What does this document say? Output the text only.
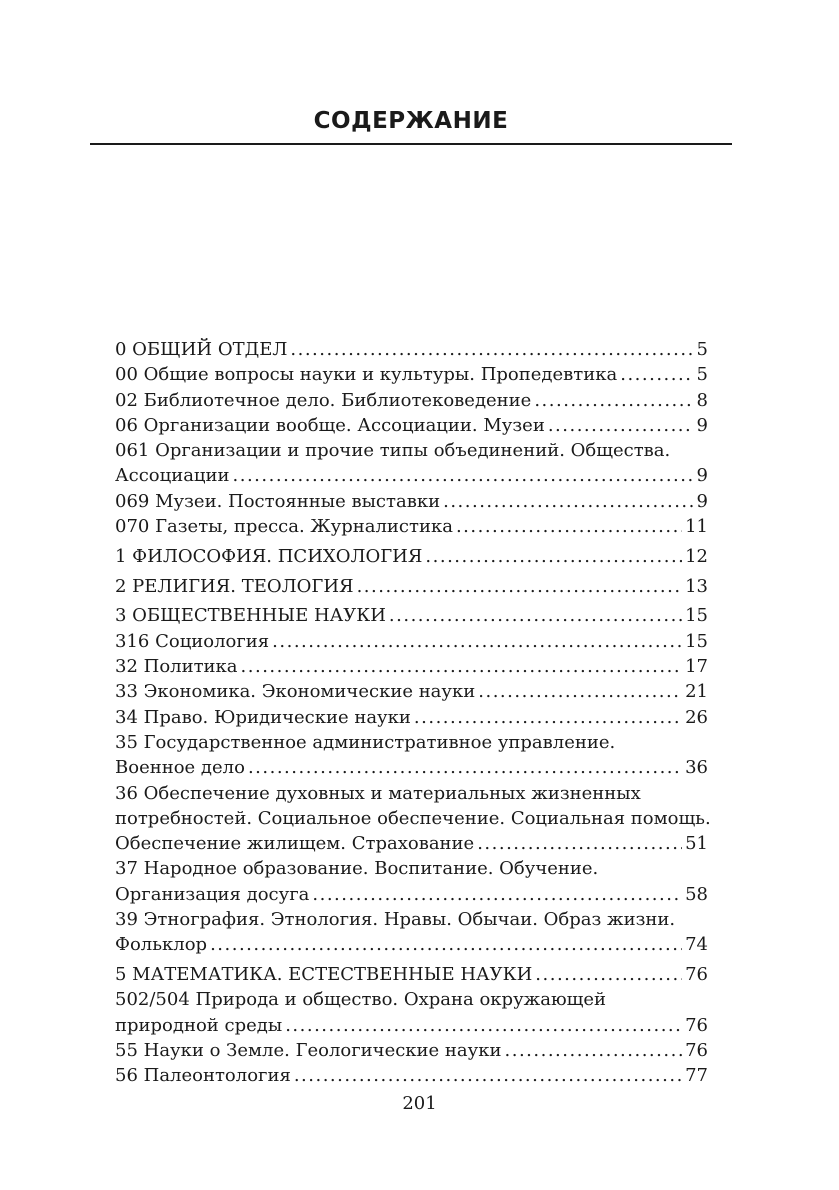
СОДЕРЖАНИЕ
0 ОБЩИЙ ОТДЕЛ .....	5
00 Общие вопросы науки и культуры. Пропедевтика .....	5
02 Библиотечное дело. Библиотековедение .....	8
06 Организации вообще. Ассоциации. Музеи .....	9
061 Организации и прочие типы объединений. Общества.
Ассоциации .....	9
069 Музеи. Постоянные выставки .....	9
070 Газеты, пресса. Журналистика .....	11
1 ФИЛОСОФИЯ. ПСИХОЛОГИЯ .....	12
2 РЕЛИГИЯ. ТЕОЛОГИЯ .....	13
3 ОБЩЕСТВЕННЫЕ НАУКИ .....	15
316 Социология .....	15
32 Политика .....	17
33 Экономика. Экономические науки .....	21
34 Право. Юридические науки .....	26
35 Государственное административное управление.
Военное дело .....	36
36 Обеспечение духовных и материальных жизненных
потребностей. Социальное обеспечение. Социальная помощь.
Обеспечение жилищем. Страхование .....	51
37 Народное образование. Воспитание. Обучение.
Организация досуга .....	58
39 Этнография. Этнология. Нравы. Обычаи. Образ жизни.
Фольклор .....	74
5 МАТЕМАТИКА. ЕСТЕСТВЕННЫЕ НАУКИ .....	76
502/504 Природа и общество. Охрана окружающей
природной среды .....	76
55 Науки о Земле. Геологические науки .....	76
56 Палеонтология .....	77
201
